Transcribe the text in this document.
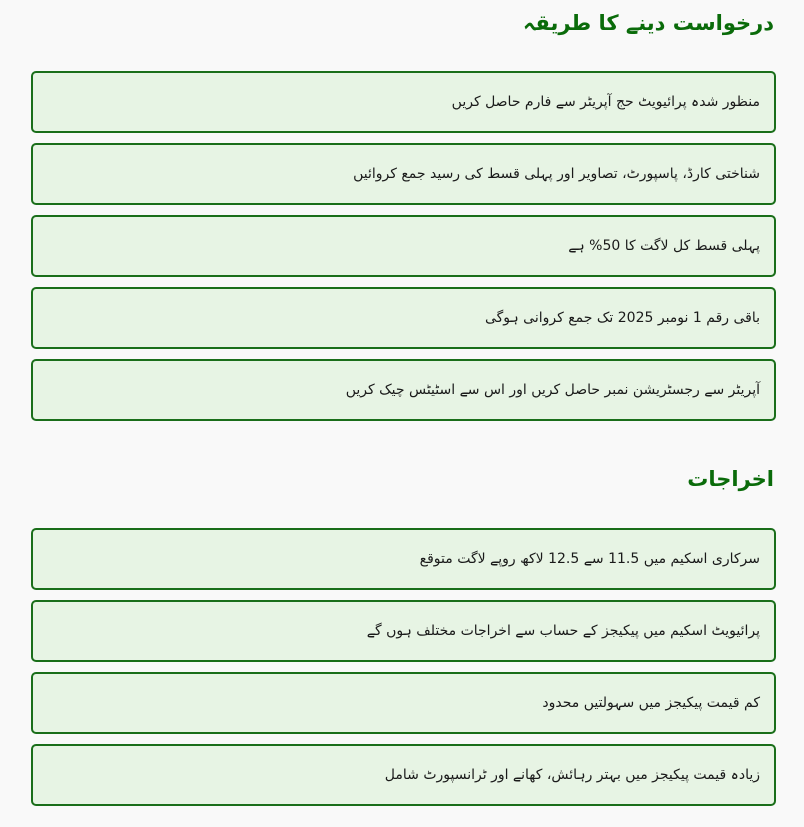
درخواست دینے کا طریقہ
منظور شدہ پرائیویٹ حج آپریٹر سے فارم حاصل کریں
شناختی کارڈ، پاسپورٹ، تصاویر اور پہلی قسط کی رسید جمع کروائیں
پہلی قسط کل لاگت کا 50% ہے
باقی رقم 1 نومبر 2025 تک جمع کروانی ہوگی
آپریٹر سے رجسٹریشن نمبر حاصل کریں اور اس سے اسٹیٹس چیک کریں
اخراجات
سرکاری اسکیم میں 11.5 سے 12.5 لاکھ روپے لاگت متوقع
پرائیویٹ اسکیم میں پیکیجز کے حساب سے اخراجات مختلف ہوں گے
کم قیمت پیکیجز میں سہولتیں محدود
زیادہ قیمت پیکیجز میں بہتر رہائش، کھانے اور ٹرانسپورٹ شامل
